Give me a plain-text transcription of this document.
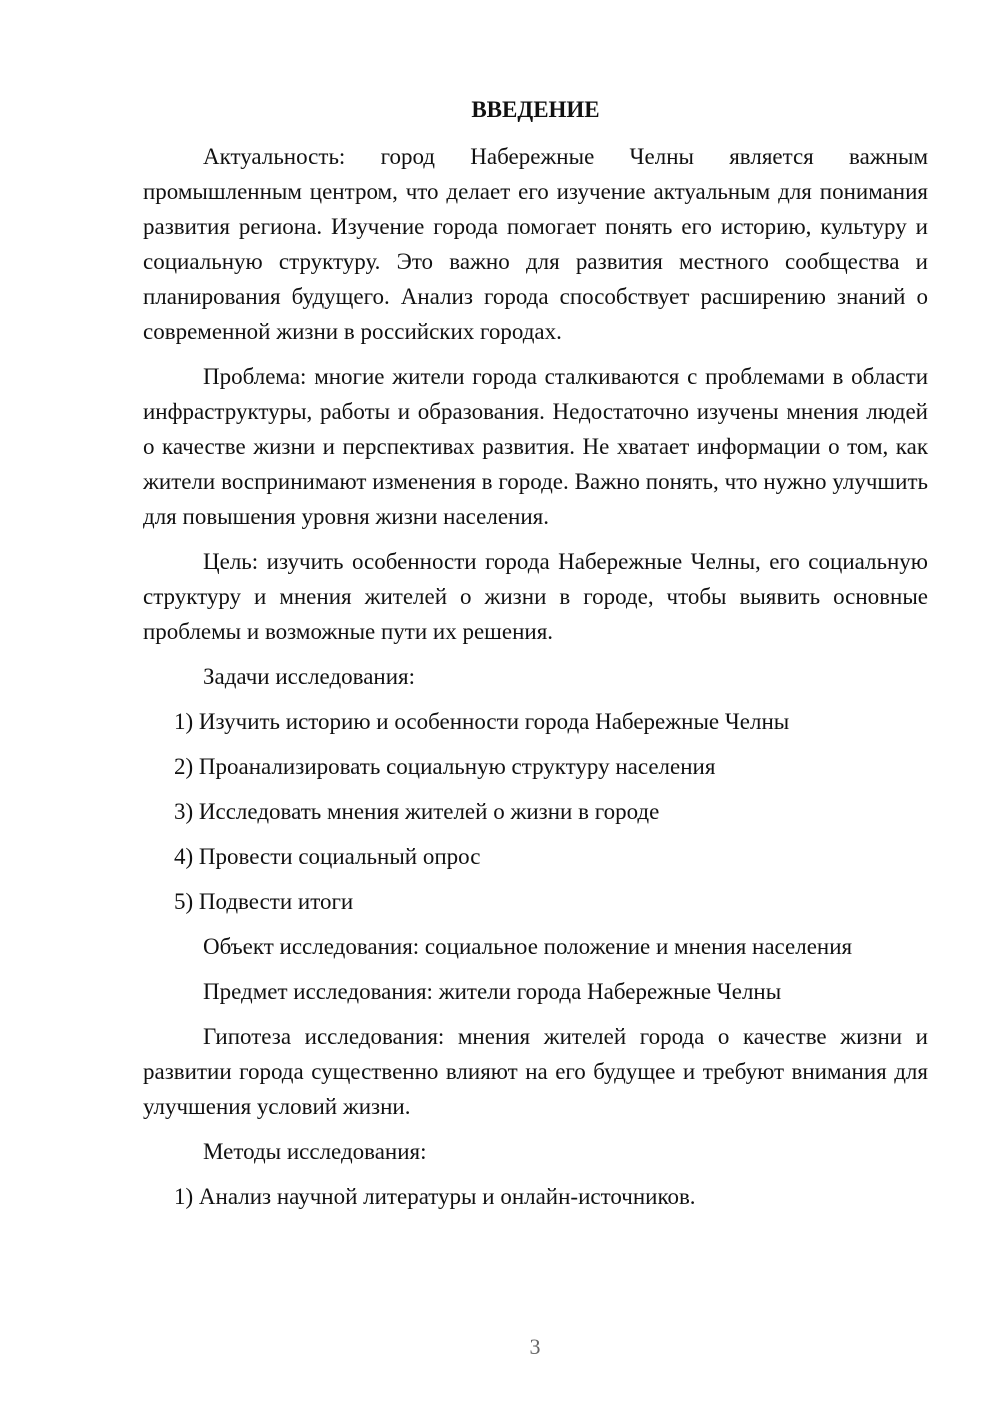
ВВЕДЕНИЕ

Актуальность: город Набережные Челны является важным промышленным центром, что делает его изучение актуальным для понимания развития региона. Изучение города помогает понять его историю, культуру и социальную структуру. Это важно для развития местного сообщества и планирования будущего. Анализ города способствует расширению знаний о современной жизни в российских городах.

Проблема: многие жители города сталкиваются с проблемами в области инфраструктуры, работы и образования. Недостаточно изучены мнения людей о качестве жизни и перспективах развития. Не хватает информации о том, как жители воспринимают изменения в городе. Важно понять, что нужно улучшить для повышения уровня жизни населения.

Цель: изучить особенности города Набережные Челны, его социальную структуру и мнения жителей о жизни в городе, чтобы выявить основные проблемы и возможные пути их решения.

Задачи исследования:

1) Изучить историю и особенности города Набережные Челны

2) Проанализировать социальную структуру населения

3) Исследовать мнения жителей о жизни в городе

4) Провести социальный опрос

5) Подвести итоги

Объект исследования: социальное положение и мнения населения

Предмет исследования: жители города Набережные Челны

Гипотеза исследования: мнения жителей города о качестве жизни и развитии города существенно влияют на его будущее и требуют внимания для улучшения условий жизни.

Методы исследования:

1) Анализ научной литературы и онлайн-источников.

3
